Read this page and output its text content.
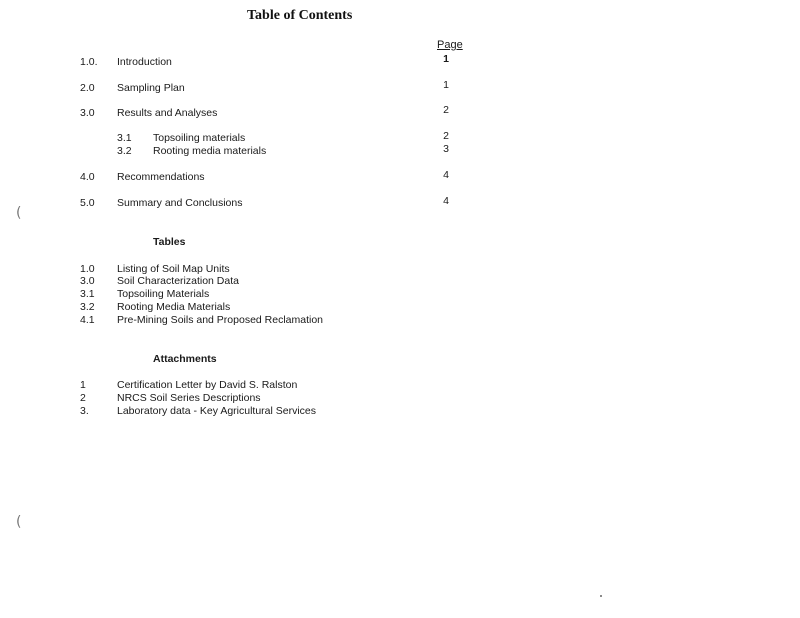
Table of Contents
Page
1.0. Introduction	1
2.0 Sampling Plan	1
3.0 Results and Analyses	2
3.1 Topsoiling materials	2
3.2 Rooting media materials	3
4.0 Recommendations	4
5.0 Summary and Conclusions	4
Tables
1.0 Listing of Soil Map Units
3.0 Soil Characterization Data
3.1 Topsoiling Materials
3.2 Rooting Media Materials
4.1 Pre-Mining Soils and Proposed Reclamation
Attachments
1	Certification Letter by David S. Ralston
2	NRCS Soil Series Descriptions
3.	Laboratory data - Key Agricultural Services
(
(
